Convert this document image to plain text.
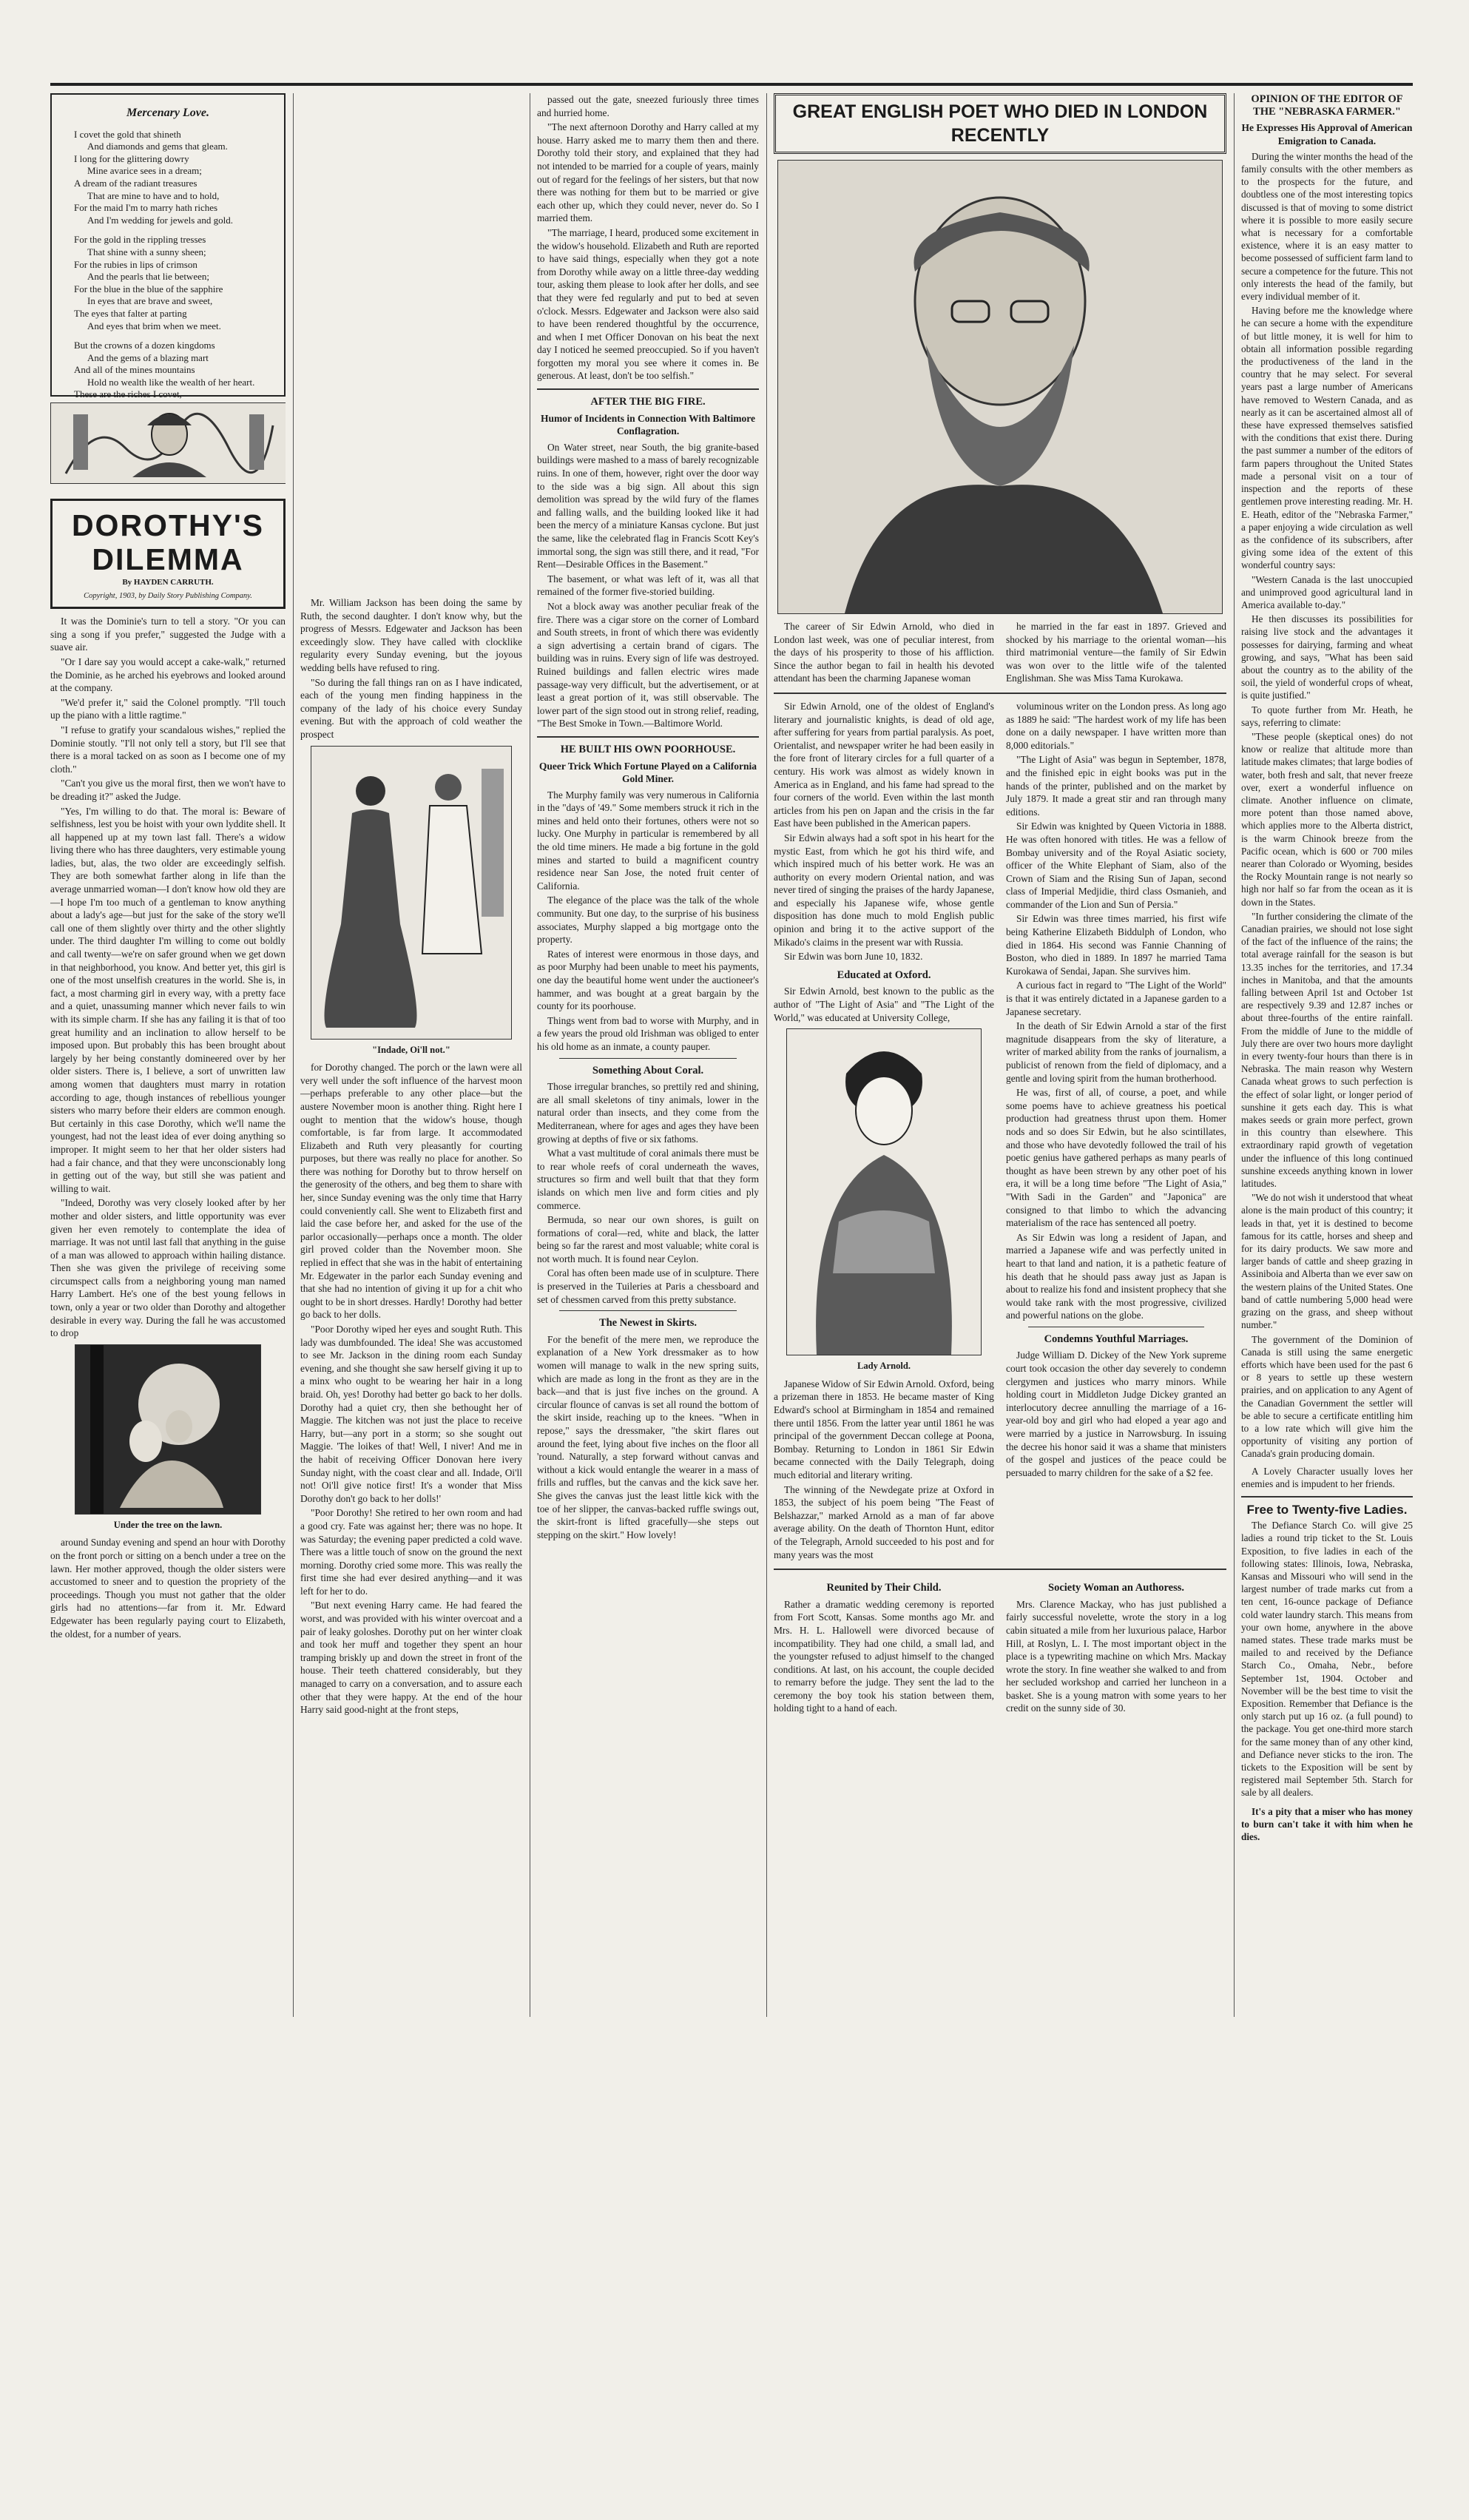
Mercenary Love.
I covet the gold that shineth
And diamonds and gems that gleam.
I long for the glittering dowry
Mine avarice sees in a dream;
A dream of the radiant treasures
That are mine to have and to hold,
For the maid I'm to marry hath riches
And I'm wedding for jewels and gold.
For the gold in the rippling tresses
That shine with a sunny sheen;
For the rubies in lips of crimson
And the pearls that lie between;
For the blue in the blue of the sapphire
In eyes that are brave and sweet,
The eyes that falter at parting
And eyes that brim when we meet.
But the crowns of a dozen kingdoms
And the gems of a blazing mart
And all of the mines mountains
Hold no wealth like the wealth of her heart.
These are the riches I covet,
DOROTHY'S DILEMMA
By HAYDEN CARRUTH.
Copyright, 1903, by Daily Story Publishing Company.

It was the Dominie's turn to tell a story. "Or you can sing a song if you prefer," suggested the Judge with a suave air.

"Or I dare say you would accept a cake-walk," returned the Dominie, as he arched his eyebrows and looked around at the company.

"We'd prefer it," said the Colonel promptly. "I'll touch up the piano with a little ragtime."

"I refuse to gratify your scandalous wishes," replied the Dominie stoutly. "I'll not only tell a story, but I'll see that there is a moral tacked on as soon as I become one of my cloth."

"Can't you give us the moral first, then we won't have to be dreading it?" asked the Judge.

"Yes, I'm willing to do that. The moral is: Beware of selfishness, lest you be hoist with your own lyddite shell. It all happened up at my town last fall. There's a widow living there who has three daughters, very estimable young ladies, but, alas, the two older are exceedingly selfish. They are both somewhat farther along in life than the average unmarried woman—I don't know how old they are—I hope I'm too much of a gentleman to know anything about a lady's age—but just for the sake of the story we'll call one of them slightly over thirty and the other slightly under. The third daughter I'm willing to come out boldly and call twenty—we're on safer ground when we get down in that neighborhood, you know. And better yet, this girl is one of the most unselfish creatures in the world. She is, in fact, a most charming girl in every way, with a pretty face and a quiet, unassuming manner which never fails to win with its simple charm. If she has any failing it is that of too great humility and an inclination to allow herself to be imposed upon. But probably this has been brought about largely by her being constantly domineered over by her older sisters. There is, I believe, a sort of unwritten law among women that daughters must marry in rotation according to age, though instances of rebellious younger sisters who marry before their elders are common enough. But certainly in this case Dorothy, which we'll name the youngest, had not the least idea of ever doing anything so improper. It might seem to her that her older sisters had had a fair chance, and that they were unconscionably long in getting out of the way, but still she was patient and willing to wait.

"Indeed, Dorothy was very closely looked after by her mother and older sisters, and little opportunity was ever given her even remotely to contemplate the idea of marriage. It was not until last fall that anything in the guise of a man was allowed to approach within hailing distance. Then she was given the privilege of receiving some circumspect calls from a neighboring young man named Harry Lambert. He's one of the best young fellows in town, only a year or two older than Dorothy and altogether desirable in every way. During the fall he was accustomed to drop

Under the tree on the lawn.

around Sunday evening and spend an hour with Dorothy on the front porch or sitting on a bench under a tree on the lawn. Her mother approved, though the older sisters were accustomed to sneer and to question the propriety of the proceedings. Though you must not gather that the older girls had no attentions—far from it. Mr. Edward Edgewater has been regularly paying court to Elizabeth, the oldest, for a number of years.

Mr. William Jackson has been doing the same by Ruth, the second daughter. I don't know why, but the progress of Messrs. Edgewater and Jackson has been exceedingly slow. They have called with clocklike regularity every Sunday evening, but the joyous wedding bells have refused to ring.

"So during the fall things ran on as I have indicated, each of the young men finding happiness in the company of the lady of his choice every Sunday evening. But with the approach of cold weather the prospect

"Indade, Oi'll not."

for Dorothy changed. The porch or the lawn were all very well under the soft influence of the harvest moon—perhaps preferable to any other place—but the austere November moon is another thing. Right here I ought to mention that the widow's house, though comfortable, is far from large. It accommodated Elizabeth and Ruth very pleasantly for courting purposes, but there was really no place for another. So there was nothing for Dorothy but to throw herself on the generosity of the others, and beg them to share with her, since Sunday evening was the only time that Harry could conveniently call. She went to Elizabeth first and laid the case before her, and asked for the use of the parlor occasionally—perhaps once a month. The older girl proved colder than the November moon. She replied in effect that she was in the habit of entertaining Mr. Edgewater in the parlor each Sunday evening and that she had no intention of giving it up for a chit who ought to be in short dresses. Hardly! Dorothy had better go back to her dolls.

"Poor Dorothy wiped her eyes and sought Ruth. This lady was dumbfounded. The idea! She was accustomed to see Mr. Jackson in the dining room each Sunday evening, and she thought she saw herself giving it up to a minx who ought to be wearing her hair in a long braid. Oh, yes! Dorothy had better go back to her dolls. Dorothy had a quiet cry, then she bethought her of Maggie. The kitchen was not just the place to receive Harry, but—any port in a storm; so she sought out Maggie. 'The loikes of that! Well, I niver! And me in the habit of receiving Officer Donovan here ivery Sunday night, with the coast clear and all. Indade, Oi'll not! Oi'll give notice first! It's a wonder that Miss Dorothy don't go back to her dolls!'

"Poor Dorothy! She retired to her own room and had a good cry. Fate was against her; there was no hope. It was Saturday; the evening paper predicted a cold wave. There was a little touch of snow on the ground the next morning. Dorothy cried some more. This was really the first time she had ever desired anything—and it was left for her to do.

"But next evening Harry came. He had feared the worst, and was provided with his winter overcoat and a pair of leaky goloshes. Dorothy put on her winter cloak and took her muff and together they spent an hour tramping briskly up and down the street in front of the house. Their teeth chattered considerably, but they managed to carry on a conversation, and to assure each other that they were happy. At the end of the hour Harry said good-night at the front steps,

passed out the gate, sneezed furiously three times and hurried home.

"The next afternoon Dorothy and Harry called at my house. Harry asked me to marry them then and there. Dorothy told their story, and explained that they had not intended to be married for a couple of years, mainly out of regard for the feelings of her sisters, but that now there was nothing for them but to be married or give each other up, which they could never, never do. So I married them.

"The marriage, I heard, produced some excitement in the widow's household. Elizabeth and Ruth are reported to have said things, especially when they got a note from Dorothy while away on a little three-day wedding tour, asking them please to look after her dolls, and see that they were fed regularly and put to bed at seven o'clock. Messrs. Edgewater and Jackson were also said to have been rendered thoughtful by the occurrence, and when I met Officer Donovan on his beat the next day I noticed he seemed preoccupied. So if you haven't forgotten my moral you see where it comes in. Be generous. At least, don't be too selfish."

AFTER THE BIG FIRE.
Humor of Incidents in Connection With Baltimore Conflagration.

On Water street, near South, the big granite-based buildings were mashed to a mass of barely recognizable ruins. In one of them, however, right over the door way to the side was a big sign. All about this sign demolition was spread by the wild fury of the flames and falling walls, and the building looked like it had been the mercy of a miniature Kansas cyclone. But just the same, like the celebrated flag in Francis Scott Key's immortal song, the sign was still there, and it read, "For Rent—Desirable Offices in the Basement."

The basement, or what was left of it, was all that remained of the former five-storied building.

Not a block away was another peculiar freak of the fire. There was a cigar store on the corner of Lombard and South streets, in front of which there was evidently a sign advertising a certain brand of cigars. The building was in ruins. Every sign of life was destroyed. Ruined buildings and fallen electric wires made passage-way very difficult, but the advertisement, or at least a great portion of it, was still observable. The lower part of the sign stood out in strong relief, reading, "The Best Smoke in Town.—Baltimore World.

HE BUILT HIS OWN POORHOUSE.
Queer Trick Which Fortune Played on a California Gold Miner.

The Murphy family was very numerous in California in the "days of '49." Some members struck it rich in the mines and held onto their fortunes, others were not so lucky. One Murphy in particular is remembered by all the old time miners. He made a big fortune in the gold mines and started to build a magnificent country residence near San Jose, the noted fruit center of California.

The elegance of the place was the talk of the whole community. But one day, to the surprise of his business associates, Murphy slapped a big mortgage onto the property.

Rates of interest were enormous in those days, and as poor Murphy had been unable to meet his payments, one day the beautiful home went under the auctioneer's hammer, and was bought at a great bargain by the county for its poorhouse.

Things went from bad to worse with Murphy, and in a few years the proud old Irishman was obliged to enter his old home as an inmate, a county pauper.

Something About Coral.

Those irregular branches, so prettily red and shining, are all small skeletons of tiny animals, lower in the natural order than insects, and they come from the Mediterranean, where for ages and ages they have been growing at depths of five or six fathoms.

What a vast multitude of coral animals there must be to rear whole reefs of coral underneath the waves, structures so firm and well built that that they form islands on which men live and form cities and ply commerce.

Bermuda, so near our own shores, is guilt on formations of coral—red, white and black, the latter being so far the rarest and most valuable; white coral is not worth much. It is found near Ceylon.

Coral has often been made use of in sculpture. There is preserved in the Tuileries at Paris a chessboard and set of chessmen carved from this pretty substance.

The Newest in Skirts.

For the benefit of the mere men, we reproduce the explanation of a New York dressmaker as to how women will manage to walk in the new spring suits, which are made as long in the front as they are in the back—and that is just five inches on the ground. A circular flounce of canvas is set all round the bottom of the skirt inside, reaching up to the knees. "When in repose," says the dressmaker, "the skirt flares out around the feet, lying about five inches on the floor all 'round. Naturally, a step forward without canvas and without a kick would entangle the wearer in a mass of frills and ruffles, but the canvas and the kick save her. She gives the canvas just the least little kick with the toe of her slipper, the canvas-backed ruffle swings out, the skirt-front is lifted gracefully—she steps out stepping on the skirt." How lovely!

GREAT ENGLISH POET WHO DIED IN LONDON RECENTLY

The career of Sir Edwin Arnold, who died in London last week, was one of peculiar interest, from the days of his prosperity to those of his affliction. Since the author began to fail in health his devoted attendant has been the charming Japanese woman

he married in the far east in 1897. Grieved and shocked by his marriage to the oriental woman—his third matrimonial venture—the family of Sir Edwin was won over to the little wife of the talented Englishman. She was Miss Tama Kurokawa.

Sir Edwin Arnold, one of the oldest of England's literary and journalistic knights, is dead of old age, after suffering for years from partial paralysis. As poet, Orientalist, and newspaper writer he had been easily in the fore front of literary circles for a full quarter of a century. His work was almost as widely known in America as in England, and his fame had spread to the four corners of the world. Even within the last month articles from his pen on Japan and the crisis in the far East have been published in the American papers.

Sir Edwin always had a soft spot in his heart for the mystic East, from which he got his third wife, and which inspired much of his better work. He was an authority on every modern Oriental nation, and was never tired of singing the praises of the hardy Japanese, and especially his Japanese wife, whose gentle disposition has done much to mold English public opinion and bring it to the active support of the Mikado's claims in the present war with Russia.

Sir Edwin was born June 10, 1832.

Educated at Oxford.

Sir Edwin Arnold, best known to the public as the author of "The Light of Asia" and "The Light of the World," was educated at University College,

Lady Arnold.

Japanese Widow of Sir Edwin Arnold. Oxford, being a prizeman there in 1853. He became master of King Edward's school at Birmingham in 1854 and remained there until 1856. From the latter year until 1861 he was principal of the government Deccan college at Poona, Bombay. Returning to London in 1861 Sir Edwin became connected with the Daily Telegraph, doing much editorial and literary writing.

The winning of the Newdegate prize at Oxford in 1853, the subject of his poem being "The Feast of Belshazzar," marked Arnold as a man of far above average ability. On the death of Thornton Hunt, editor of the Telegraph, Arnold succeeded to his post and for many years was the most

voluminous writer on the London press. As long ago as 1889 he said: "The hardest work of my life has been done on a daily newspaper. I have written more than 8,000 editorials."

"The Light of Asia" was begun in September, 1878, and the finished epic in eight books was put in the hands of the printer, published and on the market by July 1879. It made a great stir and ran through many editions.

Sir Edwin was knighted by Queen Victoria in 1888. He was often honored with titles. He was a fellow of Bombay university and of the Royal Asiatic society, officer of the White Elephant of Siam, also of the Crown of Siam and the Rising Sun of Japan, second class of Imperial Medjidie, third class Osmanieh, and commander of the Lion and Sun of Persia."

Sir Edwin was three times married, his first wife being Katherine Elizabeth Biddulph of London, who died in 1864. His second was Fannie Channing of Boston, who died in 1889. In 1897 he married Tama Kurokawa of Sendai, Japan. She survives him.

A curious fact in regard to "The Light of the World" is that it was entirely dictated in a Japanese garden to a Japanese secretary.

In the death of Sir Edwin Arnold a star of the first magnitude disappears from the sky of literature, a writer of marked ability from the ranks of journalism, a publicist of renown from the field of diplomacy, and a gentle and loving spirit from the human brotherhood.

He was, first of all, of course, a poet, and while some poems have to achieve greatness his poetical production had greatness thrust upon them. Homer nods and so does Sir Edwin, but he also scintillates, and those who have devotedly followed the trail of his poetic genius have gathered perhaps as many pearls of thought as have been strewn by any other poet of his era, it will be a long time before "The Light of Asia," "With Sadi in the Garden" and "Japonica" are consigned to that limbo to which the advancing materialism of the race has sentenced all poetry.

As Sir Edwin was long a resident of Japan, and married a Japanese wife and was perfectly united in heart to that land and nation, it is a pathetic feature of his death that he should pass away just as Japan is about to realize his fond and insistent prophecy that she would take rank with the most progressive, civilized and powerful nations on the globe.

Condemns Youthful Marriages.

Judge William D. Dickey of the New York supreme court took occasion the other day severely to condemn clergymen and justices who marry minors. While holding court in Middleton Judge Dickey granted an interlocutory decree annulling the marriage of a 16-year-old boy and girl who had eloped a year ago and were married by a justice in Narrowsburg. In issuing the decree his honor said it was a shame that ministers of the gospel and justices of the peace could be persuaded to marry children for the sake of a $2 fee.

Reunited by Their Child.

Rather a dramatic wedding ceremony is reported from Fort Scott, Kansas. Some months ago Mr. and Mrs. H. L. Hallowell were divorced because of incompatibility. They had one child, a small lad, and the youngster refused to adjust himself to the changed conditions. At last, on his account, the couple decided to remarry before the judge. They sent the lad to the ceremony the boy took his station between them, holding tight to a hand of each.

Society Woman an Authoress.

Mrs. Clarence Mackay, who has just published a fairly successful novelette, wrote the story in a log cabin situated a mile from her luxurious palace, Harbor Hill, at Roslyn, L. I. The most important object in the place is a typewriting machine on which Mrs. Mackay wrote the story. In fine weather she walked to and from her secluded workshop and carried her luncheon in a basket. She is a young matron with some years to her credit on the sunny side of 30.

OPINION OF THE EDITOR OF THE "NEBRASKA FARMER."
He Expresses His Approval of American Emigration to Canada.

During the winter months the head of the family consults with the other members as to the prospects for the future, and doubtless one of the most interesting topics discussed is that of moving to some district where it is possible to more easily secure what is necessary for a comfortable existence, where it is an easy matter to become possessed of sufficient farm land to secure a competence for the future. This not only interests the head of the family, but every individual member of it.

Having before me the knowledge where he can secure a home with the expenditure of but little money, it is well for him to obtain all information possible regarding the productiveness of the land in the country that he may select. For several years past a large number of Americans have removed to Western Canada, and as nearly as it can be ascertained almost all of these have expressed themselves satisfied with the conditions that exist there. During the past summer a number of the editors of farm papers throughout the United States made a personal visit on a tour of inspection and the reports of these gentlemen prove interesting reading. Mr. H. E. Heath, editor of the "Nebraska Farmer," a paper enjoying a wide circulation as well as the confidence of its subscribers, after giving some idea of the extent of this wonderful country says:

"Western Canada is the last unoccupied and unimproved good agricultural land in America available to-day."

He then discusses its possibilities for raising live stock and the advantages it possesses for dairying, farming and wheat growing, and says, "What has been said about the country as to the ability of the soil, the yield of wonderful crops of wheat, is quite justified."

To quote further from Mr. Heath, he says, referring to climate:

"These people (skeptical ones) do not know or realize that altitude more than latitude makes climates; that large bodies of water, both fresh and salt, that never freeze over, exert a wonderful influence on climate. Another influence on climate, more potent than those named above, which applies more to the Alberta district, is the warm Chinook breeze from the Pacific ocean, which is 600 or 700 miles nearer than Colorado or Wyoming, besides the Rocky Mountain range is not nearly so high nor half so far from the ocean as it is down in the States.

"In further considering the climate of the Canadian prairies, we should not lose sight of the fact of the influence of the rains; the total average rainfall for the season is but 13.35 inches for the territories, and 17.34 inches in Manitoba, and that the amounts falling between April 1st and October 1st are respectively 9.39 and 12.87 inches or about three-fourths of the entire rainfall. From the middle of June to the middle of July there are over two hours more daylight in every twenty-four hours than there is in Nebraska. The main reason why Western Canada wheat grows to such perfection is the effect of solar light, or longer period of sunshine it gets each day. This is what makes seeds or grain more perfect, grown in this country than elsewhere. This extraordinary rapid growth of vegetation under the influence of this long continued sunshine exceeds anything known in lower latitudes.

"We do not wish it understood that wheat alone is the main product of this country; it leads in that, yet it is destined to become famous for its cattle, horses and sheep and for its dairy products. We saw more and larger bands of cattle and sheep grazing in Assiniboia and Alberta than we ever saw on the western plains of the United States. One band of cattle numbering 5,000 head were grazing on the grass, and sheep without number."

The government of the Dominion of Canada is still using the same energetic efforts which have been used for the past 6 or 8 years to settle up these western prairies, and on application to any Agent of the Canadian Government the settler will be able to secure a certificate entitling him to a low rate which will give him the opportunity of visiting any portion of Canada's grain producing domain.

A Lovely Character usually loves her enemies and is impudent to her friends.

Free to Twenty-five Ladies.

The Defiance Starch Co. will give 25 ladies a round trip ticket to the St. Louis Exposition, to five ladies in each of the following states: Illinois, Iowa, Nebraska, Kansas and Missouri who will send in the largest number of trade marks cut from a ten cent, 16-ounce package of Defiance cold water laundry starch. This means from your own home, anywhere in the above named states. These trade marks must be mailed to and received by the Defiance Starch Co., Omaha, Nebr., before September 1st, 1904. October and November will be the best time to visit the Exposition. Remember that Defiance is the only starch put up 16 oz. (a full pound) to the package. You get one-third more starch for the same money than of any other kind, and Defiance never sticks to the iron. The tickets to the Exposition will be sent by registered mail September 5th. Starch for sale by all dealers.

It's a pity that a miser who has money to burn can't take it with him when he dies.
